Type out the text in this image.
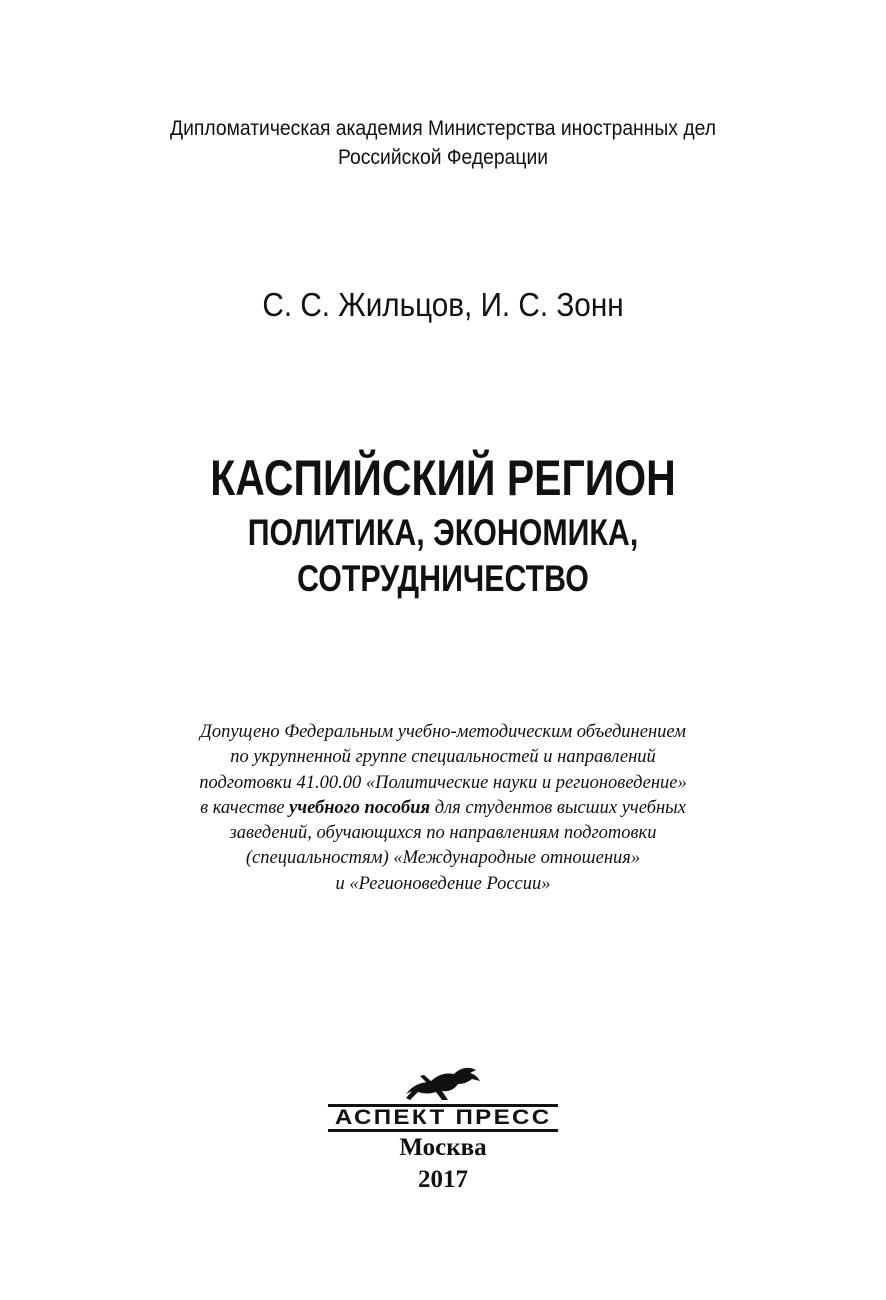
Дипломатическая академия Министерства иностранных дел
Российской Федерации
С. С. Жильцов, И. С. Зонн
КАСПИЙСКИЙ РЕГИОН
ПОЛИТИКА, ЭКОНОМИКА,
СОТРУДНИЧЕСТВО
Допущено Федеральным учебно-методическим объединением
по укрупненной группе специальностей и направлений
подготовки 41.00.00 «Политические науки и регионоведение»
в качестве учебного пособия для студентов высших учебных
заведений, обучающихся по направлениям подготовки
(специальностям) «Международные отношения»
и «Регионоведение России»
АСПЕКТ ПРЕСС
Москва
2017
